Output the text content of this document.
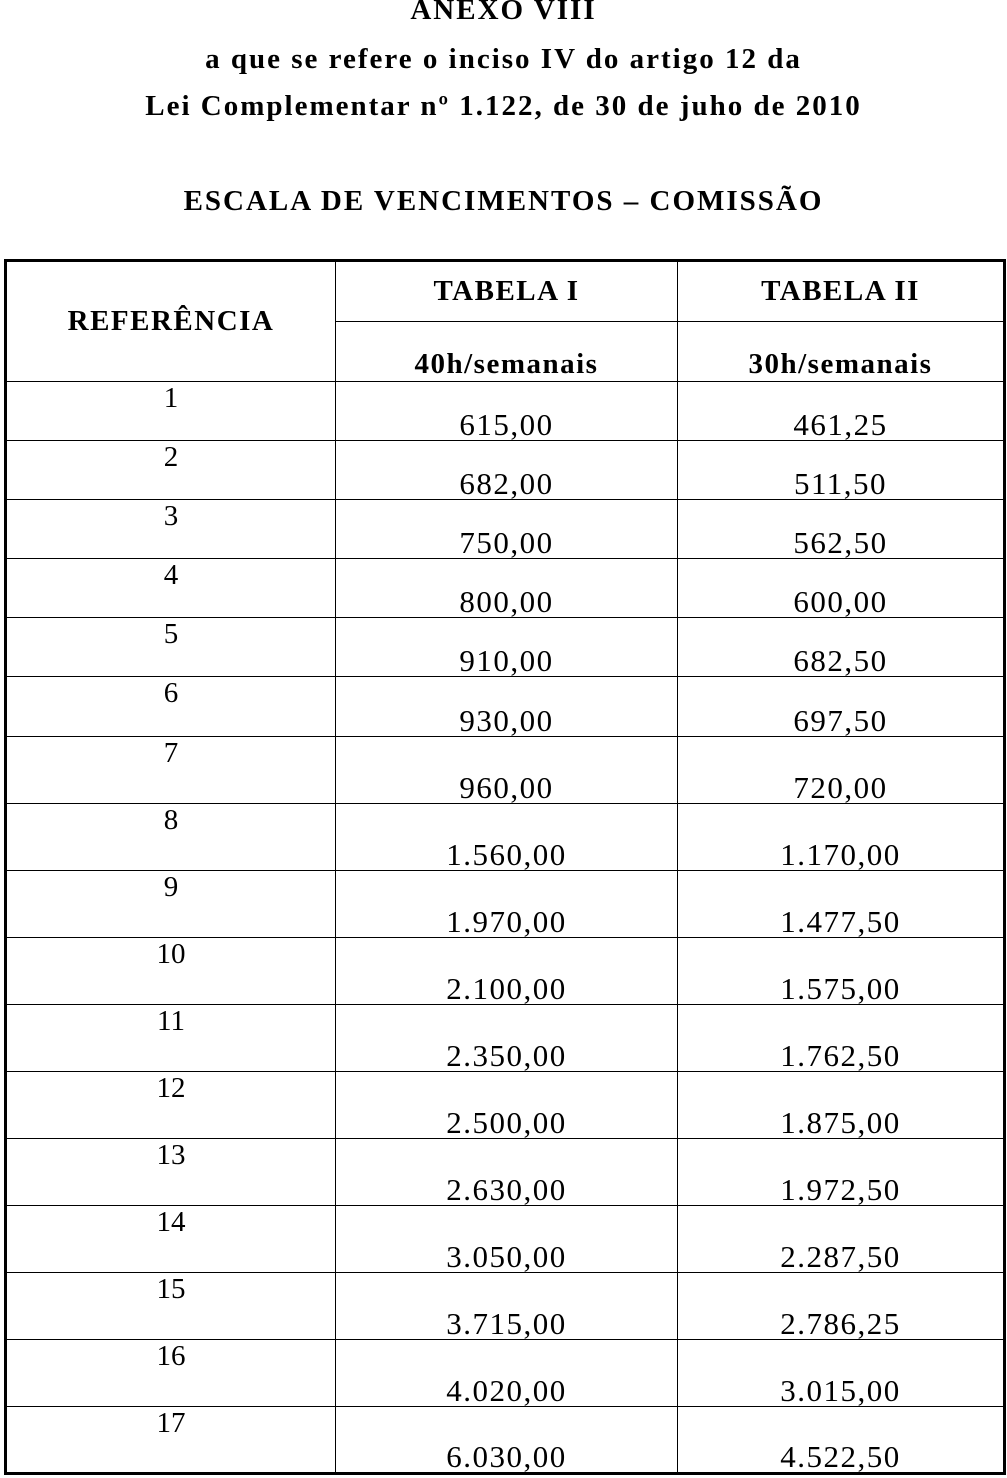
ANEXO VIII
a que se refere o inciso IV do artigo 12 da
Lei Complementar nº 1.122, de 30 de juho de 2010
ESCALA DE VENCIMENTOS – COMISSÃO
REFERÊNCIA	TABELA I	TABELA II
	40h/semanais	30h/semanais
1	615,00	461,25
2	682,00	511,50
3	750,00	562,50
4	800,00	600,00
5	910,00	682,50
6	930,00	697,50
7	960,00	720,00
8	1.560,00	1.170,00
9	1.970,00	1.477,50
10	2.100,00	1.575,00
11	2.350,00	1.762,50
12	2.500,00	1.875,00
13	2.630,00	1.972,50
14	3.050,00	2.287,50
15	3.715,00	2.786,25
16	4.020,00	3.015,00
17	6.030,00	4.522,50
